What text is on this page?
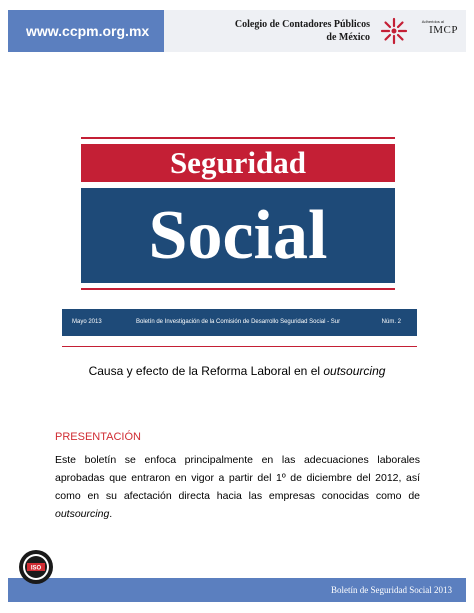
www.ccpm.org.mx	Colegio de Contadores Públicos
de México
Adheridos al
IMCP
Seguridad
Social
Mayo 2013	Boletín de Investigación de la Comisión de Desarrollo Seguridad Social - Sur	Núm. 2
Causa y efecto de la Reforma Laboral en el outsourcing
PRESENTACIÓN
Este boletín se enfoca principalmente en las adecuaciones laborales aprobadas que entraron en vigor a partir del 1º de diciembre del 2012, así como en su afectación directa hacia las empresas conocidas como de outsourcing.
Boletín de Seguridad Social 2013
ISO
